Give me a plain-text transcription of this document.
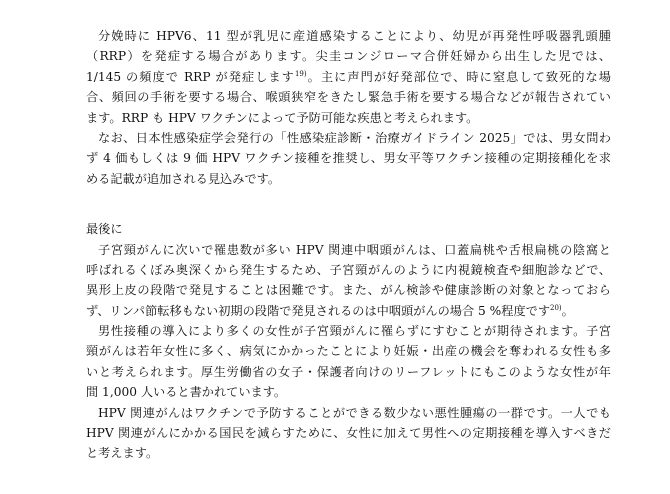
分娩時に HPV6、11 型が乳児に産道感染することにより、幼児が再発性呼吸器乳頭腫
（RRP）を発症する場合があります。尖圭コンジローマ合併妊婦から出生した児では、
1/145 の頻度で RRP が発症します$^{19)}$。主に声門が好発部位で、時に窒息して致死的な場
合、頻回の手術を要する場合、喉頭狭窄をきたし緊急手術を要する場合などが報告されてい
ます。RRP も HPV ワクチンによって予防可能な疾患と考えられます。
なお、日本性感染症学会発行の「性感染症診断・治療ガイドライン 2025」では、男女問わ
ず 4 価もしくは 9 価 HPV ワクチン接種を推奨し、男女平等ワクチン接種の定期接種化を求
める記載が追加される見込みです。
最後に
子宮頸がんに次いで罹患数が多い HPV 関連中咽頭がんは、口蓋扁桃や舌根扁桃の陰窩と
呼ばれるくぼみ奥深くから発生するため、子宮頸がんのように内視鏡検査や細胞診などで、
異形上皮の段階で発見することは困難です。また、がん検診や健康診断の対象となっておら
ず、リンパ節転移もない初期の段階で発見されるのは中咽頭がんの場合 5 %程度です$^{20)}$。
男性接種の導入により多くの女性が子宮頸がんに罹らずにすむことが期待されます。子宮
頸がんは若年女性に多く、病気にかかったことにより妊娠・出産の機会を奪われる女性も多
いと考えられます。厚生労働省の女子・保護者向けのリーフレットにもこのような女性が年
間 1,000 人いると書かれています。
HPV 関連がんはワクチンで予防することができる数少ない悪性腫瘍の一群です。一人でも
HPV 関連がんにかかる国民を減らすために、女性に加えて男性への定期接種を導入すべきだ
と考えます。
